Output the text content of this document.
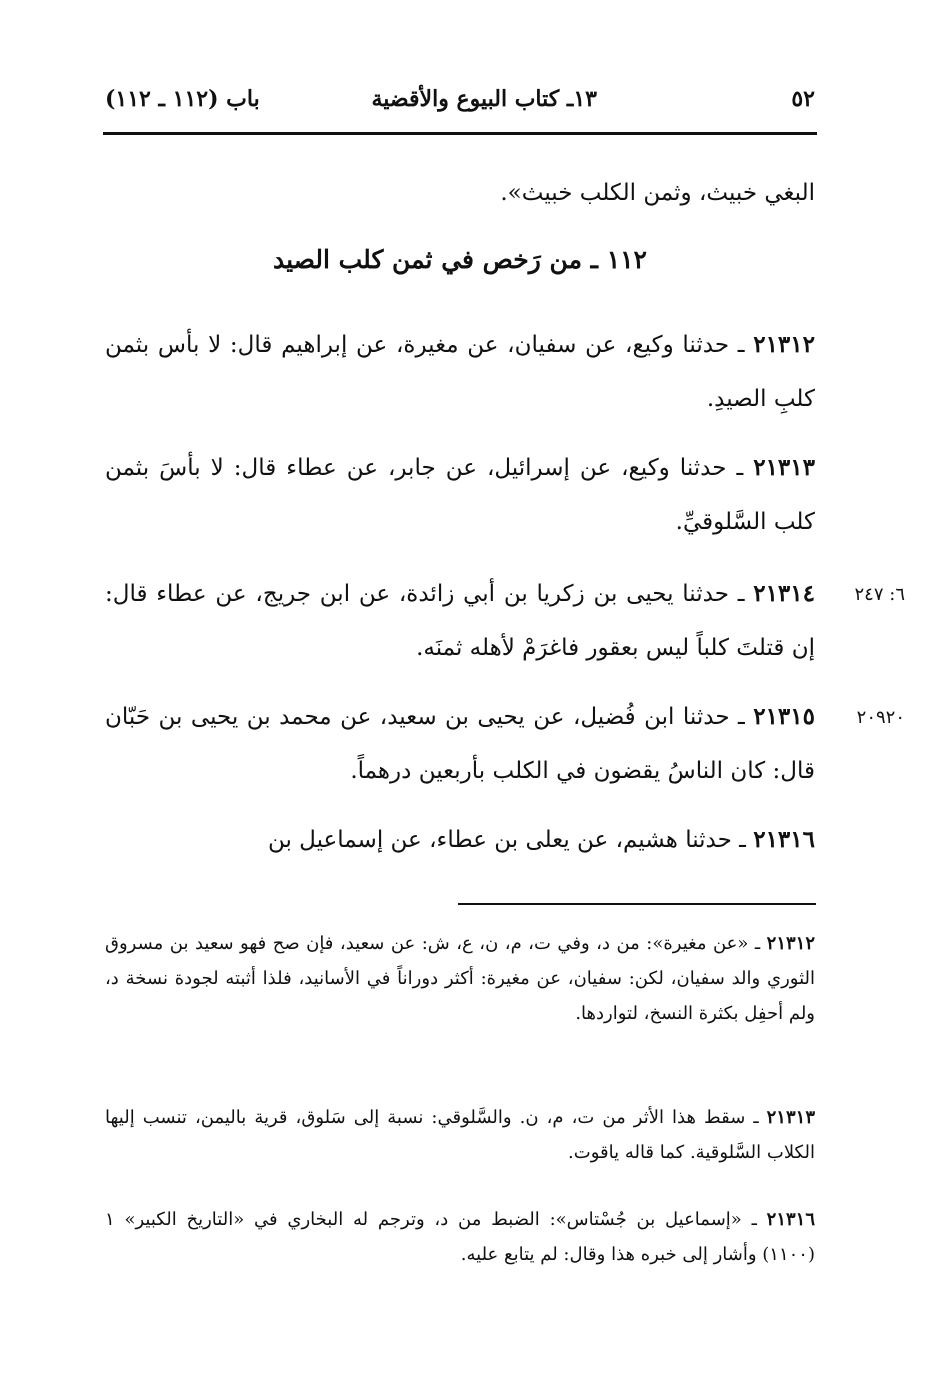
٥٢
١٣ـ كتاب البيوع والأقضية
باب (١١٢ ـ ١١٢)
البغي خبيث، وثمن الكلب خبيث».
١١٢ ـ من رَخص في ثمن كلب الصيد
٢١٣١٢ ـ حدثنا وكيع، عن سفيان، عن مغيرة، عن إبراهيم قال: لا بأس بثمن كلبِ الصيدِ.
٢١٣١٣ ـ حدثنا وكيع، عن إسرائيل، عن جابر، عن عطاء قال: لا بأسَ بثمن كلب السَّلوقيِّ.
٢١٣١٤ ـ حدثنا يحيى بن زكريا بن أبي زائدة، عن ابن جريج، عن عطاء قال: إن قتلتَ كلباً ليس بعقور فاغرَمْ لأهله ثمنَه.
٢١٣١٥ ـ حدثنا ابن فُضيل، عن يحيى بن سعيد، عن محمد بن يحيى بن حَبّان قال: كان الناسُ يقضون في الكلب بأربعين درهماً.
٢١٣١٦ ـ حدثنا هشيم، عن يعلى بن عطاء، عن إسماعيل بن
٦: ٢٤٧
٢٠٩٢٠
٢١٣١٢ ـ «عن مغيرة»: من د، وفي ت، م، ن، ع، ش: عن سعيد، فإن صح فهو سعيد بن مسروق الثوري والد سفيان، لكن: سفيان، عن مغيرة: أكثر دوراناً في الأسانيد، فلذا أثبته لجودة نسخة د، ولم أحفِل بكثرة النسخ، لتواردها.
٢١٣١٣ ـ سقط هذا الأثر من ت، م، ن. والسَّلوقي: نسبة إلى سَلوق، قرية باليمن، تنسب إليها الكلاب السَّلوقية. كما قاله ياقوت.
٢١٣١٦ ـ «إسماعيل بن جُسْتاس»: الضبط من د، وترجم له البخاري في «التاريخ الكبير» ١ (١١٠٠) وأشار إلى خبره هذا وقال: لم يتابع عليه.
